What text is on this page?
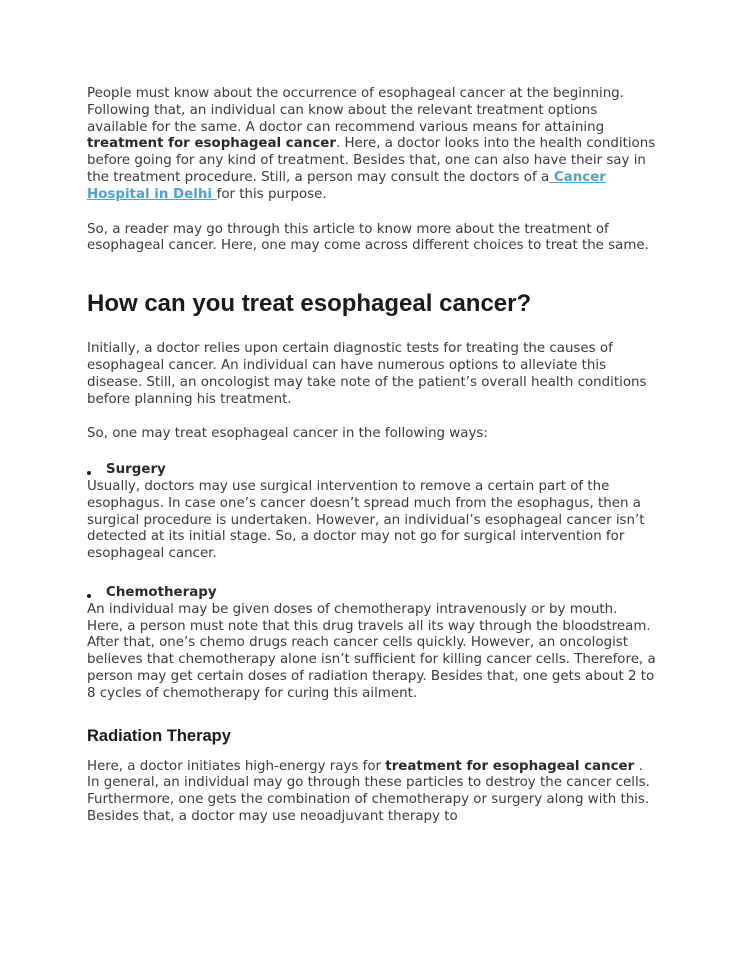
People must know about the occurrence of esophageal cancer at the beginning. Following that, an individual can know about the relevant treatment options available for the same. A doctor can recommend various means for attaining treatment for esophageal cancer. Here, a doctor looks into the health conditions before going for any kind of treatment. Besides that, one can also have their say in the treatment procedure. Still, a person may consult the doctors of a Cancer Hospital in Delhi for this purpose.

So, a reader may go through this article to know more about the treatment of esophageal cancer. Here, one may come across different choices to treat the same.

How can you treat esophageal cancer?

Initially, a doctor relies upon certain diagnostic tests for treating the causes of esophageal cancer. An individual can have numerous options to alleviate this disease. Still, an oncologist may take note of the patient’s overall health conditions before planning his treatment.

So, one may treat esophageal cancer in the following ways:

Surgery

Usually, doctors may use surgical intervention to remove a certain part of the esophagus. In case one’s cancer doesn’t spread much from the esophagus, then a surgical procedure is undertaken. However, an individual’s esophageal cancer isn’t detected at its initial stage. So, a doctor may not go for surgical intervention for esophageal cancer.

Chemotherapy

An individual may be given doses of chemotherapy intravenously or by mouth. Here, a person must note that this drug travels all its way through the bloodstream. After that, one’s chemo drugs reach cancer cells quickly. However, an oncologist believes that chemotherapy alone isn’t sufficient for killing cancer cells. Therefore, a person may get certain doses of radiation therapy. Besides that, one gets about 2 to 8 cycles of chemotherapy for curing this ailment.

Radiation Therapy

Here, a doctor initiates high-energy rays for treatment for esophageal cancer . In general, an individual may go through these particles to destroy the cancer cells. Furthermore, one gets the combination of chemotherapy or surgery along with this. Besides that, a doctor may use neoadjuvant therapy to
